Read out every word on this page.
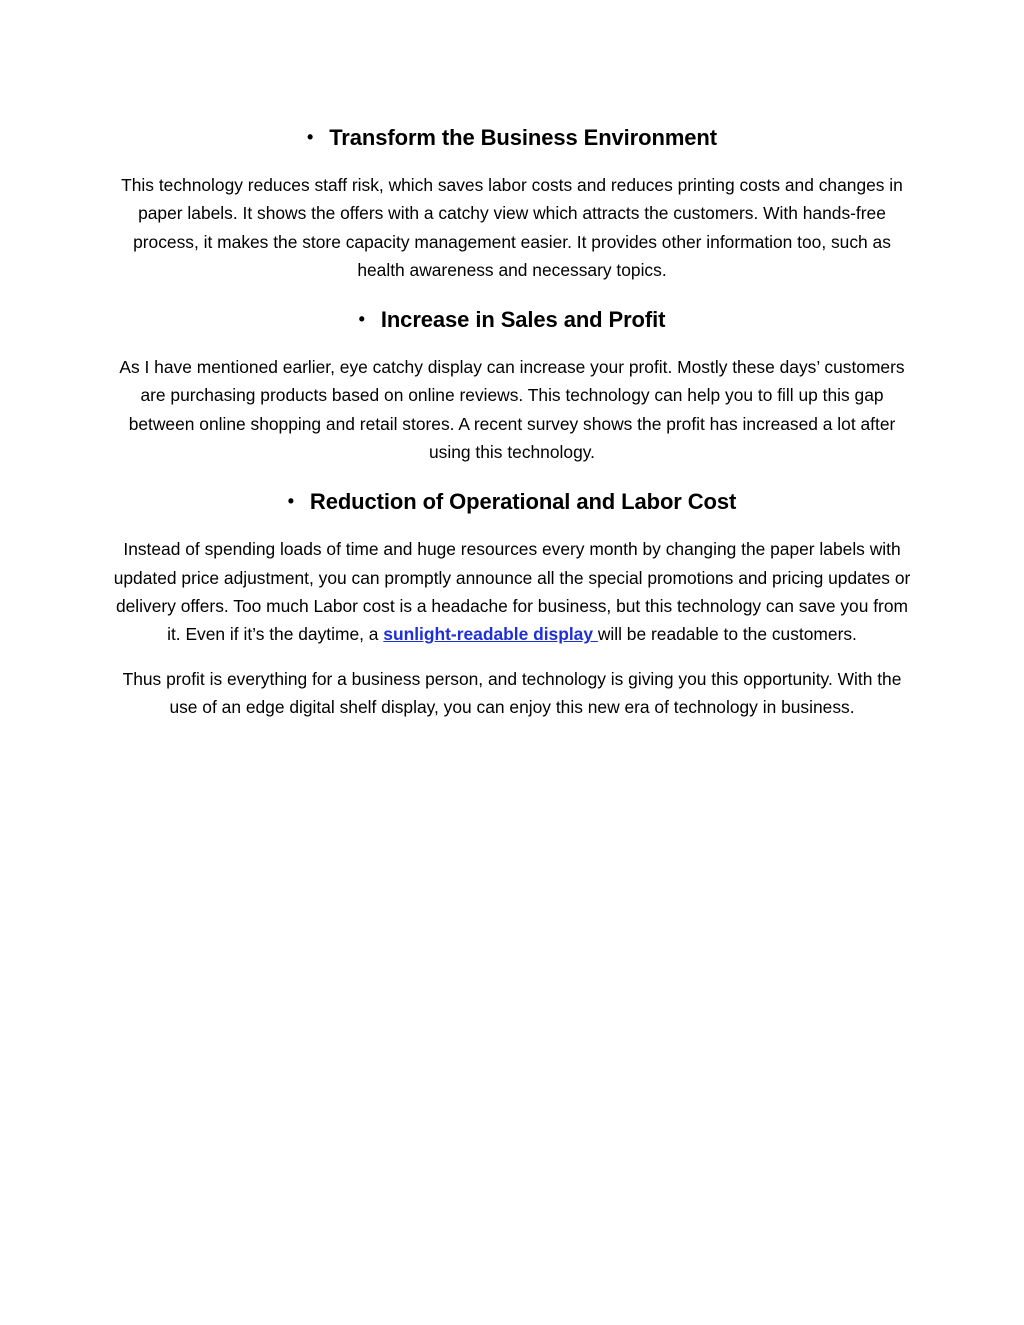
• Transform the Business Environment

This technology reduces staff risk, which saves labor costs and reduces printing costs and changes in paper labels. It shows the offers with a catchy view which attracts the customers. With hands-free process, it makes the store capacity management easier. It provides other information too, such as health awareness and necessary topics.

• Increase in Sales and Profit

As I have mentioned earlier, eye catchy display can increase your profit. Mostly these days’ customers are purchasing products based on online reviews. This technology can help you to fill up this gap between online shopping and retail stores. A recent survey shows the profit has increased a lot after using this technology.

• Reduction of Operational and Labor Cost

Instead of spending loads of time and huge resources every month by changing the paper labels with updated price adjustment, you can promptly announce all the special promotions and pricing updates or delivery offers. Too much Labor cost is a headache for business, but this technology can save you from it. Even if it’s the daytime, a sunlight-readable display will be readable to the customers.

Thus profit is everything for a business person, and technology is giving you this opportunity. With the use of an edge digital shelf display, you can enjoy this new era of technology in business.
